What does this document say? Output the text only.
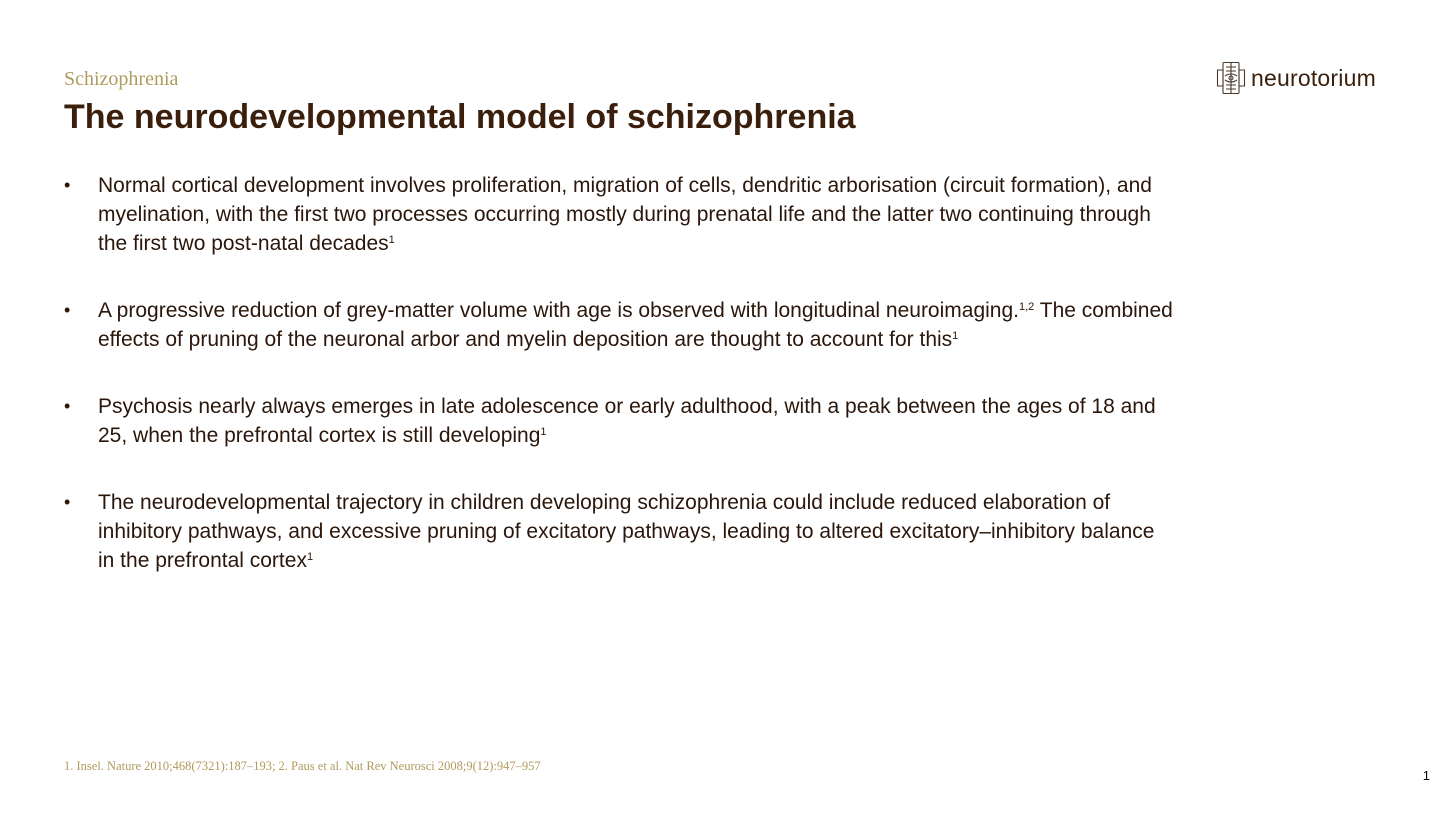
Schizophrenia
The neurodevelopmental model of schizophrenia
neurotorium
• Normal cortical development involves proliferation, migration of cells, dendritic arborisation (circuit formation), and myelination, with the first two processes occurring mostly during prenatal life and the latter two continuing through the first two post-natal decades$^1$
• A progressive reduction of grey-matter volume with age is observed with longitudinal neuroimaging.$^{1,2}$ The combined effects of pruning of the neuronal arbor and myelin deposition are thought to account for this$^1$
• Psychosis nearly always emerges in late adolescence or early adulthood, with a peak between the ages of 18 and 25, when the prefrontal cortex is still developing$^1$
• The neurodevelopmental trajectory in children developing schizophrenia could include reduced elaboration of inhibitory pathways, and excessive pruning of excitatory pathways, leading to altered excitatory–inhibitory balance in the prefrontal cortex$^1$

1. Insel. Nature 2010;468(7321):187–193; 2. Paus et al. Nat Rev Neurosci 2008;9(12):947–957

1
